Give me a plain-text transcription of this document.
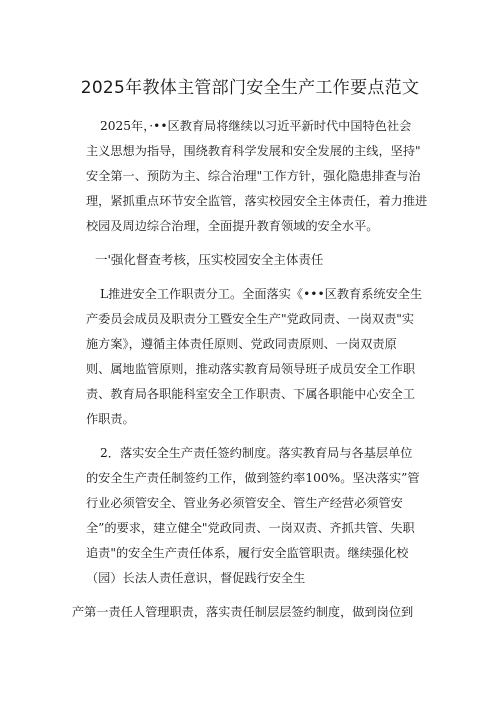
2025年教体主管部门安全生产工作要点范文

2025年，·••区教育局将继续以习近平新时代中国特色社会

主义思想为指导，围绕教育科学发展和安全发展的主线，坚持"

安全第一、预防为主、综合治理"工作方针，强化隐患排查与治

理，紧抓重点环节安全监管，落实校园安全主体责任，着力推进

校园及周边综合治理，全面提升教育领域的安全水平。

一'强化督查考核，压实校园安全主体责任

L推进安全工作职责分工。全面落实《•••区教育系统安全生

产委员会成员及职责分工暨安全生产"党政同责、一岗双责"实

施方案》，遵循主体责任原则、党政同责原则、一岗双责原

则、属地监管原则，推动落实教育局领导班子成员安全工作职

责、教育局各职能科室安全工作职责、下属各职能中心安全工

作职责。

2．落实安全生产责任签约制度。落实教育局与各基层单位

的安全生产责任制签约工作，做到签约率100%。坚决落实”管

行业必须管安全、管业务必须管安全、管生产经营必须管安

全”的要求，建立健全"党政同责、一岗双责、齐抓共管、失职

追责"的安全生产责任体系，履行安全监管职责。继续强化校

（园）长法人责任意识，督促践行安全生

产第一责任人管理职责，落实责任制层层签约制度，做到岗位到
